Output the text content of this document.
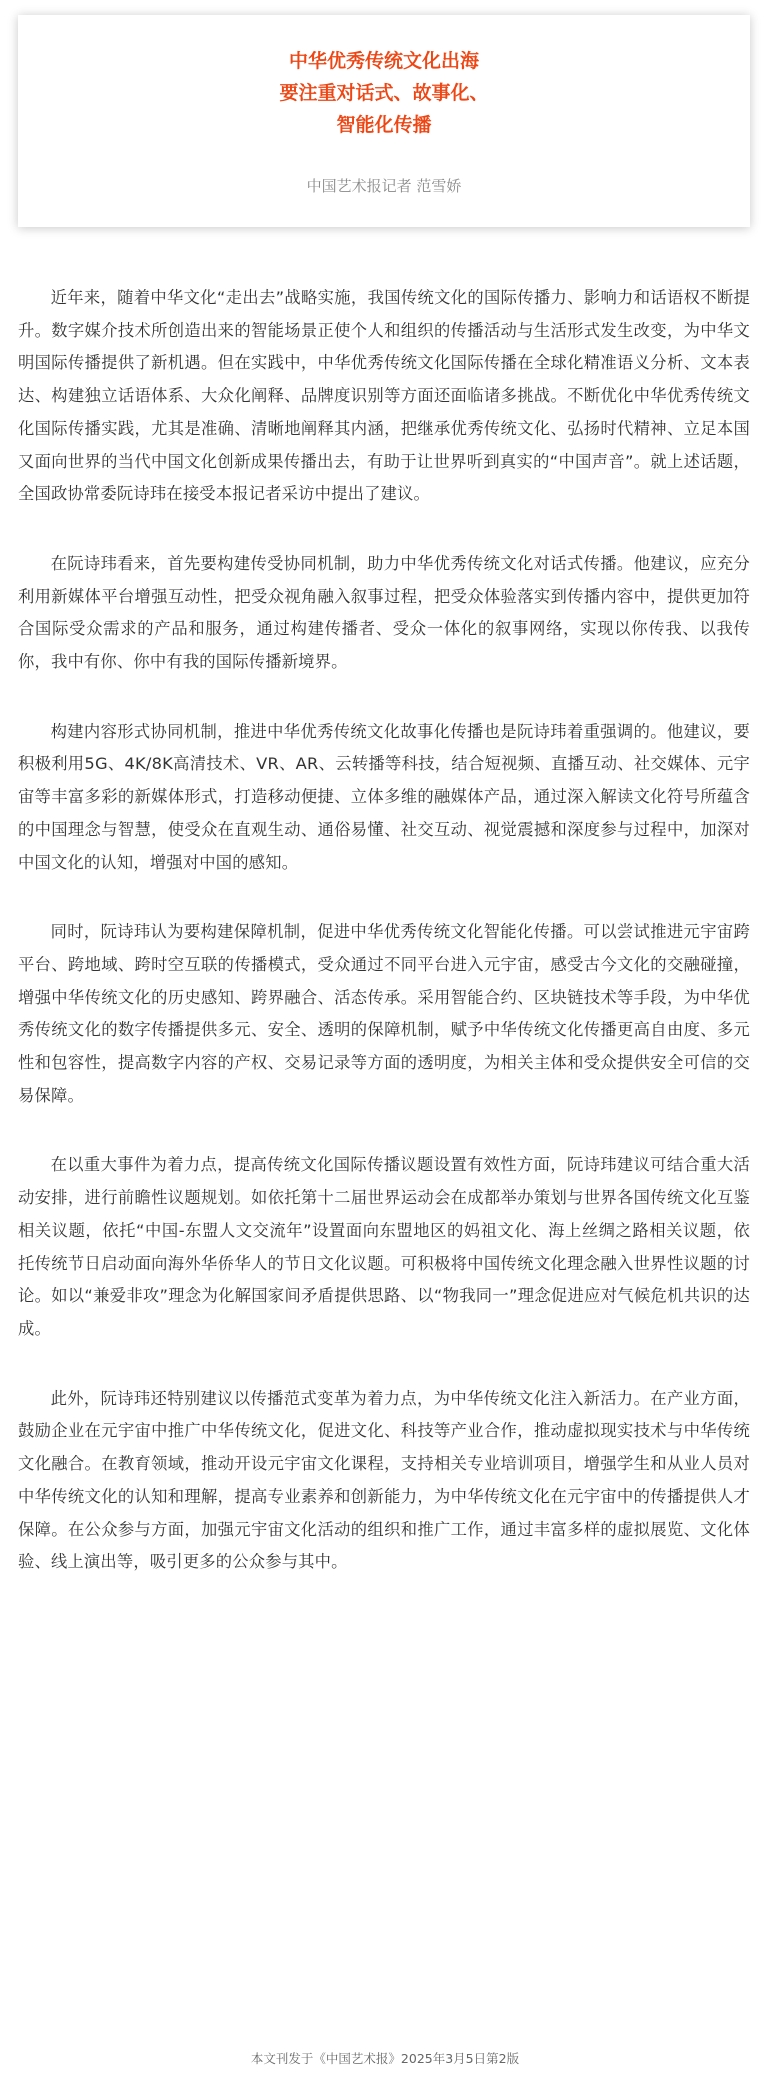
中华优秀传统文化出海
要注重对话式、故事化、
智能化传播
中国艺术报记者 范雪娇

近年来，随着中华文化“走出去”战略实施，我国传统文化的国际传播力、影响力和话语权不断提升。数字媒介技术所创造出来的智能场景正使个人和组织的传播活动与生活形式发生改变，为中华文明国际传播提供了新机遇。但在实践中，中华优秀传统文化国际传播在全球化精准语义分析、文本表达、构建独立话语体系、大众化阐释、品牌度识别等方面还面临诸多挑战。不断优化中华优秀传统文化国际传播实践，尤其是准确、清晰地阐释其内涵，把继承优秀传统文化、弘扬时代精神、立足本国又面向世界的当代中国文化创新成果传播出去，有助于让世界听到真实的“中国声音”。就上述话题，全国政协常委阮诗玮在接受本报记者采访中提出了建议。

在阮诗玮看来，首先要构建传受协同机制，助力中华优秀传统文化对话式传播。他建议，应充分利用新媒体平台增强互动性，把受众视角融入叙事过程，把受众体验落实到传播内容中，提供更加符合国际受众需求的产品和服务，通过构建传播者、受众一体化的叙事网络，实现以你传我、以我传你，我中有你、你中有我的国际传播新境界。

构建内容形式协同机制，推进中华优秀传统文化故事化传播也是阮诗玮着重强调的。他建议，要积极利用5G、4K/8K高清技术、VR、AR、云转播等科技，结合短视频、直播互动、社交媒体、元宇宙等丰富多彩的新媒体形式，打造移动便捷、立体多维的融媒体产品，通过深入解读文化符号所蕴含的中国理念与智慧，使受众在直观生动、通俗易懂、社交互动、视觉震撼和深度参与过程中，加深对中国文化的认知，增强对中国的感知。

同时，阮诗玮认为要构建保障机制，促进中华优秀传统文化智能化传播。可以尝试推进元宇宙跨平台、跨地域、跨时空互联的传播模式，受众通过不同平台进入元宇宙，感受古今文化的交融碰撞，增强中华传统文化的历史感知、跨界融合、活态传承。采用智能合约、区块链技术等手段，为中华优秀传统文化的数字传播提供多元、安全、透明的保障机制，赋予中华传统文化传播更高自由度、多元性和包容性，提高数字内容的产权、交易记录等方面的透明度，为相关主体和受众提供安全可信的交易保障。

在以重大事件为着力点，提高传统文化国际传播议题设置有效性方面，阮诗玮建议可结合重大活动安排，进行前瞻性议题规划。如依托第十二届世界运动会在成都举办策划与世界各国传统文化互鉴相关议题，依托“中国-东盟人文交流年”设置面向东盟地区的妈祖文化、海上丝绸之路相关议题，依托传统节日启动面向海外华侨华人的节日文化议题。可积极将中国传统文化理念融入世界性议题的讨论。如以“兼爱非攻”理念为化解国家间矛盾提供思路、以“物我同一”理念促进应对气候危机共识的达成。

此外，阮诗玮还特别建议以传播范式变革为着力点，为中华传统文化注入新活力。在产业方面，鼓励企业在元宇宙中推广中华传统文化，促进文化、科技等产业合作，推动虚拟现实技术与中华传统文化融合。在教育领域，推动开设元宇宙文化课程，支持相关专业培训项目，增强学生和从业人员对中华传统文化的认知和理解，提高专业素养和创新能力，为中华传统文化在元宇宙中的传播提供人才保障。在公众参与方面，加强元宇宙文化活动的组织和推广工作，通过丰富多样的虚拟展览、文化体验、线上演出等，吸引更多的公众参与其中。

本文刊发于《中国艺术报》2025年3月5日第2版
